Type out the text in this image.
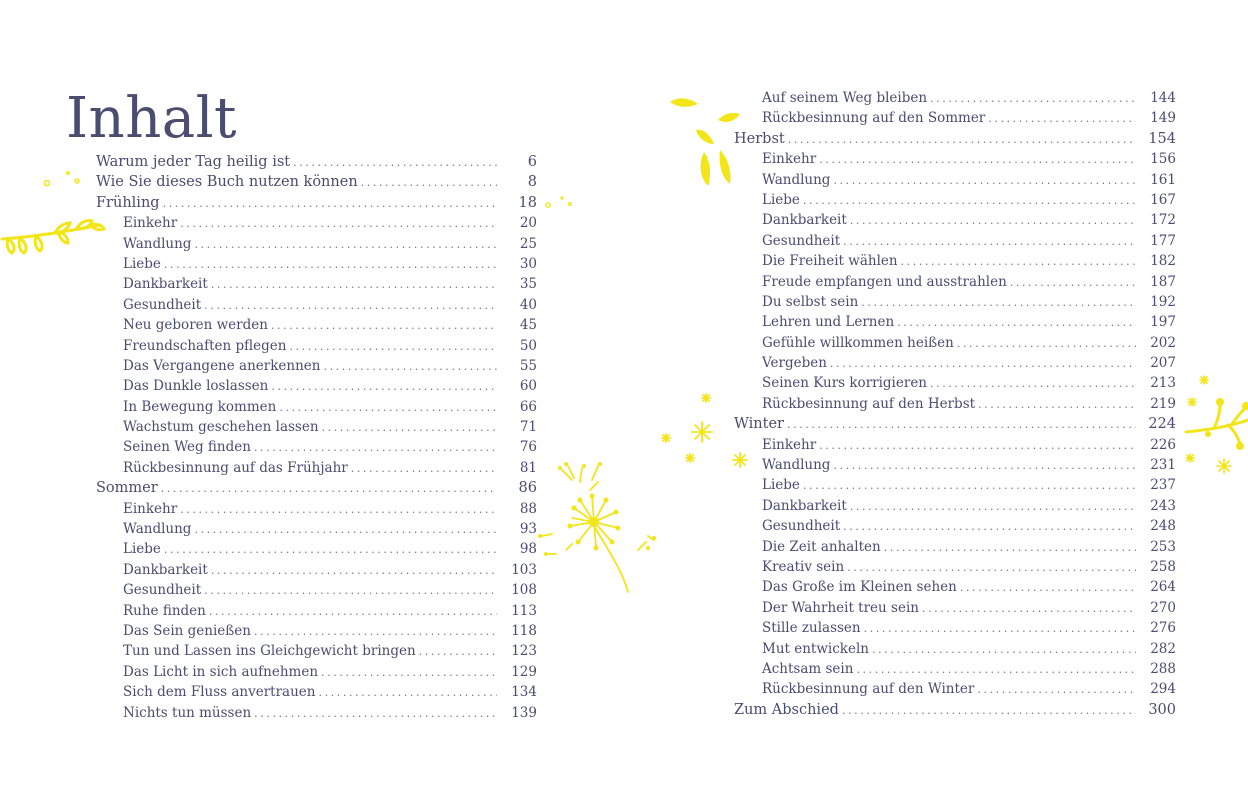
Inhalt
Warum jeder Tag heilig ist .....	6
Wie Sie dieses Buch nutzen können .....	8
Frühling .....	18
Einkehr .....	20
Wandlung .....	25
Liebe .....	30
Dankbarkeit .....	35
Gesundheit .....	40
Neu geboren werden .....	45
Freundschaften pflegen .....	50
Das Vergangene anerkennen .....	55
Das Dunkle loslassen .....	60
In Bewegung kommen .....	66
Wachstum geschehen lassen .....	71
Seinen Weg finden .....	76
Rückbesinnung auf das Frühjahr .....	81
Sommer .....	86
Einkehr .....	88
Wandlung .....	93
Liebe .....	98
Dankbarkeit .....	103
Gesundheit .....	108
Ruhe finden .....	113
Das Sein genießen .....	118
Tun und Lassen ins Gleichgewicht bringen .....	123
Das Licht in sich aufnehmen .....	129
Sich dem Fluss anvertrauen .....	134
Nichts tun müssen .....	139
Auf seinem Weg bleiben .....	144
Rückbesinnung auf den Sommer .....	149
Herbst .....	154
Einkehr .....	156
Wandlung .....	161
Liebe .....	167
Dankbarkeit .....	172
Gesundheit .....	177
Die Freiheit wählen .....	182
Freude empfangen und ausstrahlen .....	187
Du selbst sein .....	192
Lehren und Lernen .....	197
Gefühle willkommen heißen .....	202
Vergeben .....	207
Seinen Kurs korrigieren .....	213
Rückbesinnung auf den Herbst .....	219
Winter .....	224
Einkehr .....	226
Wandlung .....	231
Liebe .....	237
Dankbarkeit .....	243
Gesundheit .....	248
Die Zeit anhalten .....	253
Kreativ sein .....	258
Das Große im Kleinen sehen .....	264
Der Wahrheit treu sein .....	270
Stille zulassen .....	276
Mut entwickeln .....	282
Achtsam sein .....	288
Rückbesinnung auf den Winter .....	294
Zum Abschied .....	300
